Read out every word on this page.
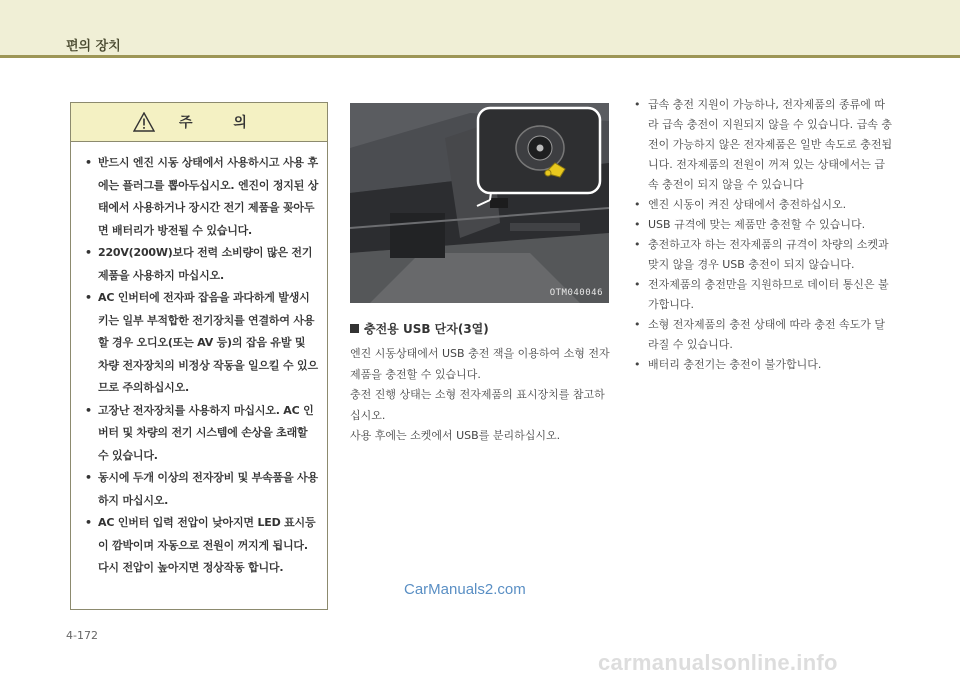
편의 장치
주 의
• 반드시 엔진 시동 상태에서 사용하시고 사용 후에는 플러그를 뽑아두십시오. 엔진이 정지된 상태에서 사용하거나 장시간 전기 제품을 꽂아두면 배터리가 방전될 수 있습니다.
• 220V(200W)보다 전력 소비량이 많은 전기제품을 사용하지 마십시오.
• AC 인버터에 전자파 잡음을 과다하게 발생시키는 일부 부적합한 전기장치를 연결하여 사용할 경우 오디오(또는 AV 등)의 잡음 유발 및 차량 전자장치의 비정상 작동을 일으킬 수 있으므로 주의하십시오.
• 고장난 전자장치를 사용하지 마십시오. AC 인버터 및 차량의 전기 시스템에 손상을 초래할 수 있습니다.
• 동시에 두개 이상의 전자장비 및 부속품을 사용하지 마십시오.
• AC 인버터 입력 전압이 낮아지면 LED 표시등이 깜박이며 자동으로 전원이 꺼지게 됩니다. 다시 전압이 높아지면 정상작동 합니다.
OTM040046
충전용 USB 단자(3열)

엔진 시동상태에서 USB 충전 잭을 이용하여 소형 전자제품을 충전할 수 있습니다.

충전 진행 상태는 소형 전자제품의 표시장치를 참고하십시오.

사용 후에는 소켓에서 USB를 분리하십시오.

• 급속 충전 지원이 가능하나, 전자제품의 종류에 따라 급속 충전이 지원되지 않을 수 있습니다. 급속 충전이 가능하지 않은 전자제품은 일반 속도로 충전됩니다. 전자제품의 전원이 꺼져 있는 상태에서는 급속 충전이 되지 않을 수 있습니다
• 엔진 시동이 켜진 상태에서 충전하십시오.
• USB 규격에 맞는 제품만 충전할 수 있습니다.
• 충전하고자 하는 전자제품의 규격이 차량의 소켓과 맞지 않을 경우 USB 충전이 되지 않습니다.
• 전자제품의 충전만을 지원하므로 데이터 통신은 불가합니다.
• 소형 전자제품의 충전 상태에 따라 충전 속도가 달라질 수 있습니다.
• 배터리 충전기는 충전이 불가합니다.
CarManuals2.com
4-172
carmanualsonline.info
